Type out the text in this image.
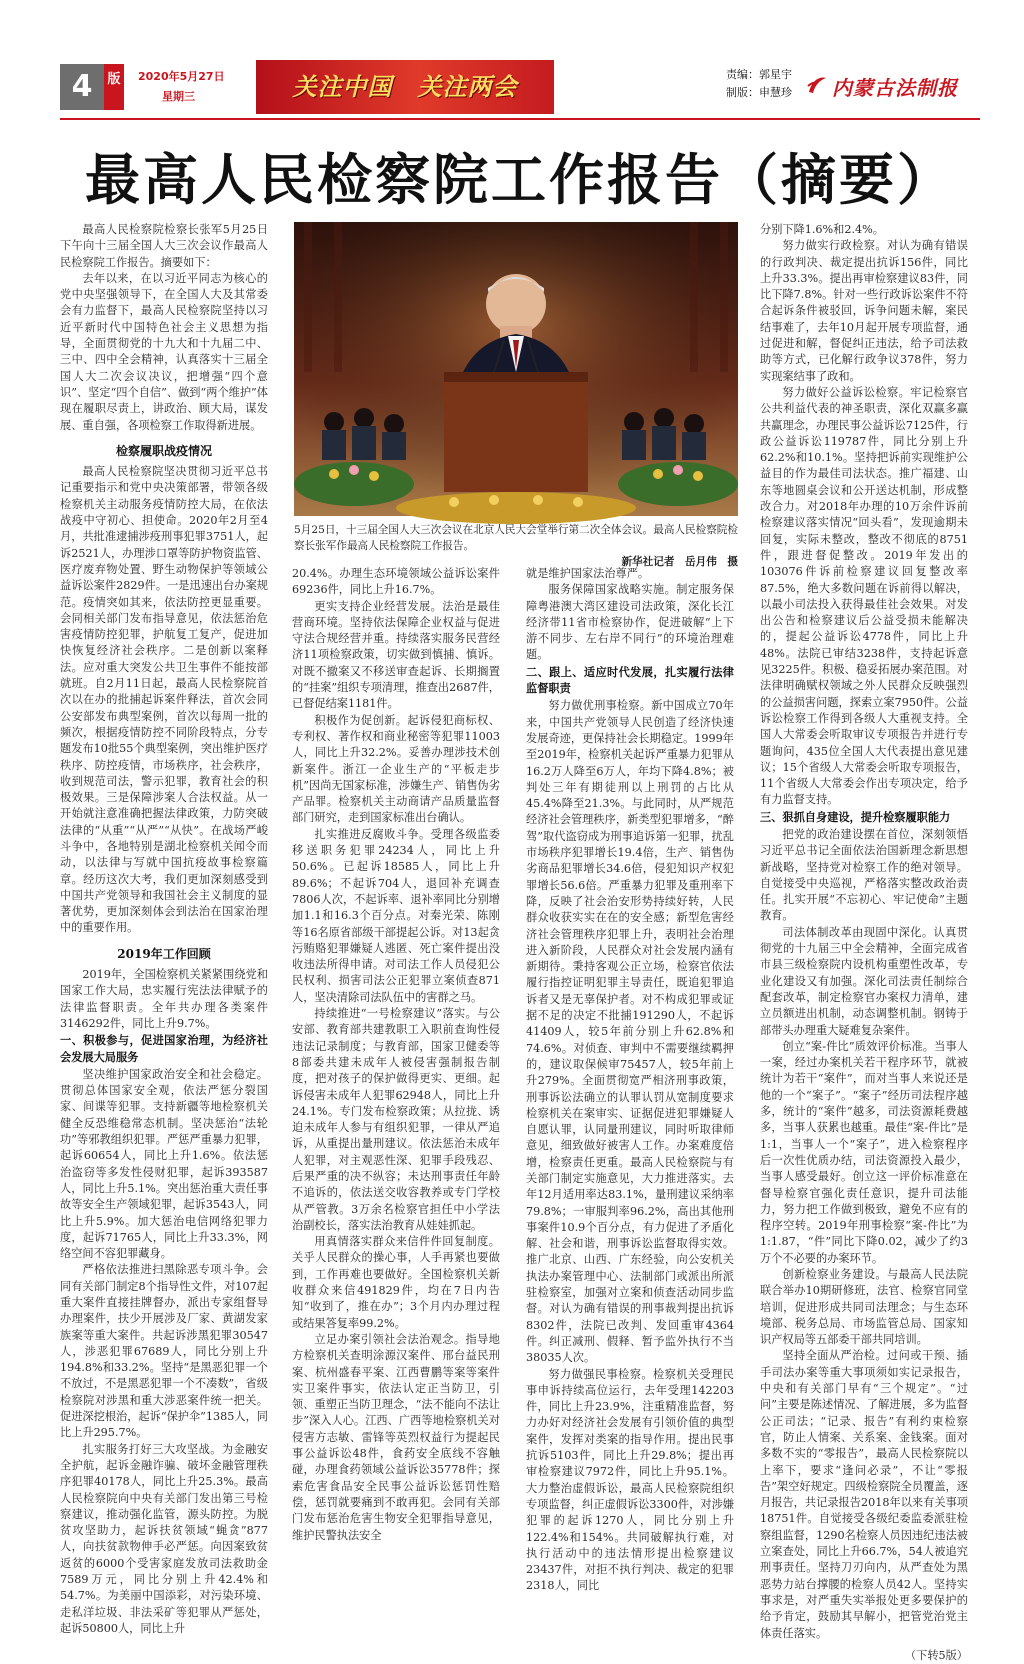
4	版	2020年5月27日
星期三	关注中国　关注两会	责编：郭星宇
制版：申慧珍 内蒙古法制报
最高人民检察院工作报告（摘要）
5月25日，十三届全国人大三次会议在北京人民大会堂举行第二次全体会议。最高人民检察院检察长张军作最高人民检察院工作报告。
新华社记者　岳月伟　摄

最高人民检察院检察长张军5月25日下午向十三届全国人大三次会议作最高人民检察院工作报告。摘要如下：

去年以来，在以习近平同志为核心的党中央坚强领导下，在全国人大及其常委会有力监督下，最高人民检察院坚持以习近平新时代中国特色社会主义思想为指导，全面贯彻党的十九大和十九届二中、三中、四中全会精神，认真落实十三届全国人大二次会议决议，把增强“四个意识”、坚定“四个自信”、做到“两个维护”体现在履职尽责上，讲政治、顾大局，谋发展、重自强，各项检察工作取得新进展。

检察履职战疫情况

最高人民检察院坚决贯彻习近平总书记重要指示和党中央决策部署，带领各级检察机关主动服务疫情防控大局，在依法战疫中守初心、担使命。2020年2月至4月，共批准逮捕涉疫刑事犯罪3751人，起诉2521人，办理涉口罩等防护物资监管、医疗废弃物处置、野生动物保护等领域公益诉讼案件2829件。一是迅速出台办案规范。疫情突如其来，依法防控更显重要。会同相关部门发布指导意见，依法惩治危害疫情防控犯罪，护航复工复产，促进加快恢复经济社会秩序。二是创新以案释法。应对重大突发公共卫生事件不能按部就班。自2月11日起，最高人民检察院首次以在办的批捕起诉案件释法，首次会同公安部发布典型案例，首次以每周一批的频次，根据疫情防控不同阶段特点，分专题发布10批55个典型案例，突出维护医疗秩序、防控疫情，市场秩序，社会秩序，收到规范司法，警示犯罪，教育社会的积极效果。三是保障涉案人合法权益。从一开始就注意准确把握法律政策，力防突破法律的“从重”“从严”“从快”。在战场严峻斗争中，各地特别是湖北检察机关闻令而动，以法律与写就中国抗疫故事检察篇章。经历这次大考，我们更加深刻感受到中国共产党领导和我国社会主义制度的显著优势，更加深刻体会到法治在国家治理中的重要作用。

2019年工作回顾

2019年，全国检察机关紧紧围绕党和国家工作大局，忠实履行宪法法律赋予的法律监督职责。全年共办理各类案件3146292件，同比上升9.7%。

一、积极参与，促进国家治理，为经济社会发展大局服务

坚决维护国家政治安全和社会稳定。贯彻总体国家安全观，依法严惩分裂国家、间谍等犯罪。支持新疆等地检察机关健全反恐维稳常态机制。坚决惩治“法轮功”等邪教组织犯罪。严惩严重暴力犯罪，起诉60654人，同比上升1.6%。依法惩治盗窃等多发性侵财犯罪，起诉393587人，同比上升5.1%。突出惩治重大责任事故等安全生产领域犯罪，起诉3543人，同比上升5.9%。加大惩治电信网络犯罪力度，起诉71765人，同比上升33.3%，网络空间不容犯罪藏身。

严格依法推进扫黑除恶专项斗争。会同有关部门制定8个指导性文件，对107起重大案件直接挂牌督办，派出专家组督导办理案件，扶少开展涉及厂家、黄湖发家族案等重大案件。共起诉涉黑犯罪30547人，涉恶犯罪67689人，同比分别上升194.8%和33.2%。坚持“是黑恶犯罪一个不放过，不是黑恶犯罪一个不凑数”，省级检察院对涉黑和重大涉恶案件统一把关。促进深挖根治，起诉“保护伞”1385人，同比上升295.7%。

扎实服务打好三大攻坚战。为金融安全护航，起诉金融诈骗、破坏金融管理秩序犯罪40178人，同比上升25.3%。最高人民检察院向中央有关部门发出第三号检察建议，推动强化监管，源头防控。为脱贫攻坚助力，起诉扶贫领域“蝇贪”877人，向扶贫款物伸手必严惩。向因案致贫返贫的6000个受害家庭发放司法救助金7589万元，同比分别上升42.4%和54.7%。为美丽中国添彩，对污染环境、走私洋垃圾、非法采矿等犯罪从严惩处，起诉50800人，同比上升

20.4%。办理生态环境领域公益诉讼案件69236件，同比上升16.7%。

更实支持企业经营发展。法治是最佳营商环境。坚持依法保障企业权益与促进守法合规经营并重。持续落实服务民营经济11项检察政策，切实做到慎捕、慎诉。对既不撤案又不移送审查起诉、长期搁置的“挂案”组织专项清理，推查出2687件，已督促结案1181件。

积极作为促创新。起诉侵犯商标权、专利权、著作权和商业秘密等犯罪11003人，同比上升32.2%。妥善办理涉技术创新案件。浙江一企业生产的“平板走步机”因尚无国家标准，涉嫌生产、销售伪劣产品罪。检察机关主动商请产品质量监督部门研究，走到国家标准出台确认。

扎实推进反腐败斗争。受理各级监委移送职务犯罪24234人，同比上升50.6%。已起诉18585人，同比上升89.6%；不起诉704人，退回补充调查7806人次，不起诉率、退补率同比分别增加1.1和16.3个百分点。对秦光荣、陈刚等16名原省部级干部提起公诉。对13起贪污贿赂犯罪嫌疑人逃匿、死亡案件提出没收违法所得申请。对司法工作人员侵犯公民权利、损害司法公正犯罪立案侦查871人，坚决清除司法队伍中的害群之马。

持续推进“一号检察建议”落实。与公安部、教育部共建教职工入职前查询性侵违法记录制度；与教育部，国家卫健委等8部委共建未成年人被侵害强制报告制度，把对孩子的保护做得更实、更细。起诉侵害未成年人犯罪62948人，同比上升24.1%。专门发布检察政策；从拉拢、诱迫未成年人参与有组织犯罪，一律从严追诉，从重提出量刑建议。依法惩治未成年人犯罪，对主观恶性深、犯罪手段残忍、后果严重的决不纵容；未达刑事责任年龄不追诉的，依法送交收容教养或专门学校从严管教。3万余名检察官担任中小学法治副校长，落实法治教育从娃娃抓起。

用真情落实群众来信件件回复制度。关乎人民群众的操心事，人手再紧也要做到，工作再难也要做好。全国检察机关新收群众来信491829件，均在7日内告知“收到了，推在办”；3个月内办理过程或结果答复率99.2%。

立足办案引领社会法治观念。指导地方检察机关查明涂源汉案件、邢台益民刑案、杭州盛春平案、江西曹鹏等案等案件实卫案件事实，依法认定正当防卫，引领、重塑正当防卫理念，“法不能向不法让步”深入人心。江西、广西等地检察机关对侵害方志敏、雷锋等英烈权益行为提起民事公益诉讼48件，食药安全底线不容触碰，办理食药领域公益诉讼35778件；探索危害食品安全民事公益诉讼惩罚性赔偿，惩罚就要痛到不敢再犯。会同有关部门发布惩治危害生物安全犯罪指导意见，维护民警执法安全

就是维护国家法治尊严。

服务保障国家战略实施。制定服务保障粤港澳大湾区建设司法政策，深化长江经济带11省市检察协作，促进破解“上下游不同步、左右岸不同行”的环境治理难题。

二、跟上、适应时代发展，扎实履行法律监督职责

努力做优刑事检察。新中国成立70年来，中国共产党领导人民创造了经济快速发展奇迹，更保持社会长期稳定。1999年至2019年，检察机关起诉严重暴力犯罪从16.2万人降至6万人，年均下降4.8%；被判处三年有期徒刑以上刑罚的占比从45.4%降至21.3%。与此同时，从严规范经济社会管理秩序，新类型犯罪增多，“醉驾”取代盗窃成为刑事追诉第一犯罪，扰乱市场秩序犯罪增长19.4倍，生产、销售伪劣商品犯罪增长34.6倍，侵犯知识产权犯罪增长56.6倍。严重暴力犯罪及重刑率下降，反映了社会治安形势持续好转，人民群众收获实实在在的安全感；新型危害经济社会管理秩序犯罪上升，表明社会治理进入新阶段，人民群众对社会发展内涵有新期待。秉持客观公正立场，检察官依法履行指控证明犯罪主导责任，既追犯罪追诉者又是无辜保护者。对不构成犯罪或证据不足的决定不批捕191290人，不起诉41409人，较5年前分别上升62.8%和74.6%。对侦查、审判中不需要继续羁押的，建议取保候审75457人，较5年前上升279%。全面贯彻宽严相济刑事政策，刑事诉讼法确立的认罪认罚从宽制度要求检察机关在案审实、证据促进犯罪嫌疑人自愿认罪，认同量刑建议，同时听取律师意见，细致做好被害人工作。办案难度倍增，检察责任更重。最高人民检察院与有关部门制定实施意见，大力推进落实。去年12月适用率达83.1%，量刑建议采纳率79.8%；一审服判率96.2%，高出其他刑事案件10.9个百分点，有力促进了矛盾化解、社会和谐，刑事诉讼监督取得实效。推广北京、山西、广东经验，向公安机关执法办案管理中心、法制部门或派出所派驻检察室，加强对立案和侦查活动同步监督。对认为确有错误的刑事裁判提出抗诉8302件，法院已改判、发回重审4364件。纠正减刑、假释、暂予监外执行不当38035人次。

努力做强民事检察。检察机关受理民事申诉持续高位运行，去年受理142203件，同比上升23.9%，注重精准监督，努力办好对经济社会发展有引领价值的典型案件，发挥对类案的指导作用。提出民事抗诉5103件，同比上升29.8%；提出再审检察建议7972件，同比上升95.1%。大力整治虚假诉讼，最高人民检察院组织专项监督，纠正虚假诉讼3300件，对涉嫌犯罪的起诉1270人，同比分别上升122.4%和154%。共同破解执行难，对执行活动中的违法情形提出检察建议23437件，对拒不执行判决、裁定的犯罪2318人，同比

分别下降1.6%和2.4%。

努力做实行政检察。对认为确有错误的行政判决、裁定提出抗诉156件，同比上升33.3%。提出再审检察建议83件，同比下降7.8%。针对一些行政诉讼案件不符合起诉条件被驳回，诉争问题未解，案民结事难了，去年10月起开展专项监督，通过促进和解，督促纠正违法，给予司法救助等方式，已化解行政争议378件，努力实现案结事了政和。

努力做好公益诉讼检察。牢记检察官公共利益代表的神圣职责，深化双赢多赢共赢理念，办理民事公益诉讼7125件，行政公益诉讼119787件，同比分别上升62.2%和10.1%。坚持把诉前实现维护公益目的作为最佳司法状态。推广福建、山东等地圆桌会议和公开送达机制，形成整改合力。对2018年办理的10万余件诉前检察建议落实情况“回头看”，发现逾期未回复，实际未整改，整改不彻底的8751件，跟进督促整改。2019年发出的103076件诉前检察建议回复整改率87.5%，绝大多数问题在诉前得以解决，以最小司法投入获得最佳社会效果。对发出公告和检察建议后公益受损未能解决的，提起公益诉讼4778件，同比上升48%。法院已审结3238件，支持起诉意见3225件。积极、稳妥拓展办案范围。对法律明确赋权领域之外人民群众反映强烈的公益损害问题，探索立案7950件。公益诉讼检察工作得到各级人大重视支持。全国人大常委会听取审议专项报告并进行专题询问，435位全国人大代表提出意见建议；15个省级人大常委会听取专项报告，11个省级人大常委会作出专项决定，给予有力监督支持。

三、狠抓自身建设，提升检察履职能力

把党的政治建设摆在首位，深刻领悟习近平总书记全面依法治国新理念新思想新战略，坚持党对检察工作的绝对领导。自觉接受中央巡视，严格落实整改政治责任。扎实开展“不忘初心、牢记使命”主题教育。

司法体制改革由现固中深化。认真贯彻党的十九届三中全会精神，全面完成省市县三级检察院内设机构重塑性改革，专业化建设又有加强。深化司法责任制综合配套改革，制定检察官办案权力清单，建立员额进出机制，动态调整机制。钢铸于部带头办理重大疑难复杂案件。

创立“案-件比”质效评价标准。当事人一案，经过办案机关若干程序环节，就被统计为若干“案件”，而对当事人来说还是他的一个“案子”。“案子”经历司法程序越多，统计的“案件”越多，司法资源耗费越多，当事人获累也越重。最佳“案-件比”是1:1，当事人一个“案子”，进入检察程序后一次性优质办结，司法资源投入最少，当事人感受最好。创立这一评价标准意在督导检察官强化责任意识，提升司法能力，努力把工作做到极致，避免不应有的程序空转。2019年刑事检察“案-件比”为1:1.87，“件”同比下降0.02，减少了约3万个不必要的办案环节。

创新检察业务建设。与最高人民法院联合举办10期研修班，法官、检察官同堂培训，促进形成共同司法理念；与生态环境部、税务总局、市场监管总局、国家知识产权局等五部委干部共同培训。

坚持全面从严治检。过问或干预、插手司法办案等重大事项须如实记录报告，中央和有关部门早有“三个规定”。“过问”主要是陈述情况、了解进展，多为监督公正司法；“记录、报告”有利约束检察官，防止人情案、关系案、金钱案。面对多数不实的“零报告”，最高人民检察院以上率下，要求“逢问必录”，不让“零报告”架空好规定。四级检察院全员覆盖，逐月报告，共记录报告2018年以来有关事项18751件。自觉接受各级纪委监委派驻检察组监督，1290名检察人员因违纪违法被立案查处，同比上升66.7%，54人被追究刑事责任。坚持刀刃向内，从严查处为黑恶势力站台撑腰的检察人员42人。坚持实事求是，对严重失实举报处更多要保护的给予肯定，鼓励其早解小，把管党治党主体责任落实。

（下转5版）
